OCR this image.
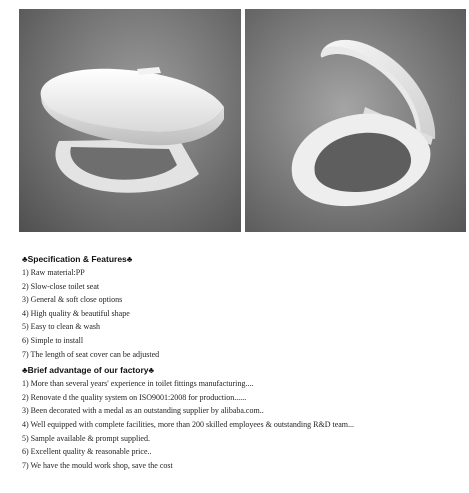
♣Specification & Features♣

1) Raw material:PP

2) Slow-close toilet seat

3) General & soft close options

4) High quality & beautiful shape

5) Easy to clean & wash

6) Simple to install

7) The length of seat cover can be adjusted

♣Brief advantage of our factory♣

1) More than several years' experience in toilet fittings manufacturing....

2) Renovate d the quality system on ISO9001:2008 for production......

3) Been decorated with a medal as an outstanding supplier by alibaba.com..

4) Well equipped with complete facilities, more than 200 skilled employees & outstanding R&D team...

5) Sample available & prompt supplied.

6) Excellent quality & reasonable price..

7) We have the mould work shop, save the cost
